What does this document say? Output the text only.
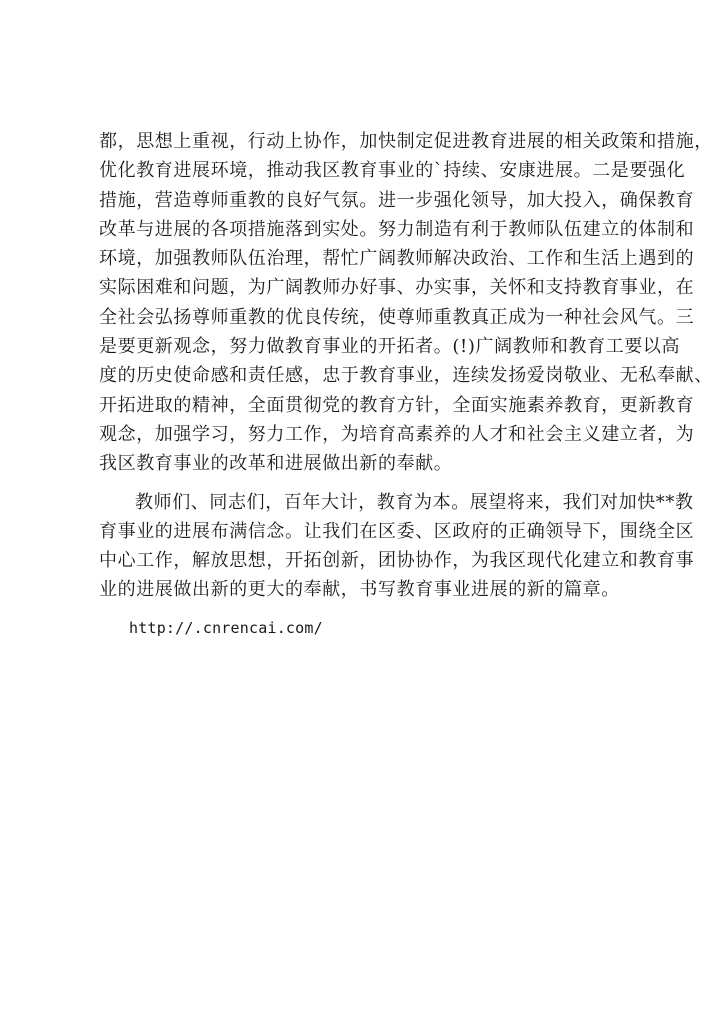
都，思想上重视，行动上协作，加快制定促进教育进展的相关政策和措施，
优化教育进展环境，推动我区教育事业的`持续、安康进展。二是要强化
措施，营造尊师重教的良好气氛。进一步强化领导，加大投入，确保教育
改革与进展的各项措施落到实处。努力制造有利于教师队伍建立的体制和
环境，加强教师队伍治理，帮忙广阔教师解决政治、工作和生活上遇到的
实际困难和问题，为广阔教师办好事、办实事，关怀和支持教育事业，在
全社会弘扬尊师重教的优良传统，使尊师重教真正成为一种社会风气。三
是要更新观念，努力做教育事业的开拓者。(!)广阔教师和教育工要以高
度的历史使命感和责任感，忠于教育事业，连续发扬爱岗敬业、无私奉献、
开拓进取的精神，全面贯彻党的教育方针，全面实施素养教育，更新教育
观念，加强学习，努力工作，为培育高素养的人才和社会主义建立者，为
我区教育事业的改革和进展做出新的奉献。
教师们、同志们，百年大计，教育为本。展望将来，我们对加快**教
育事业的进展布满信念。让我们在区委、区政府的正确领导下，围绕全区
中心工作，解放思想，开拓创新，团协协作，为我区现代化建立和教育事
业的进展做出新的更大的奉献，书写教育事业进展的新的篇章。
http://.cnrencai.com/
